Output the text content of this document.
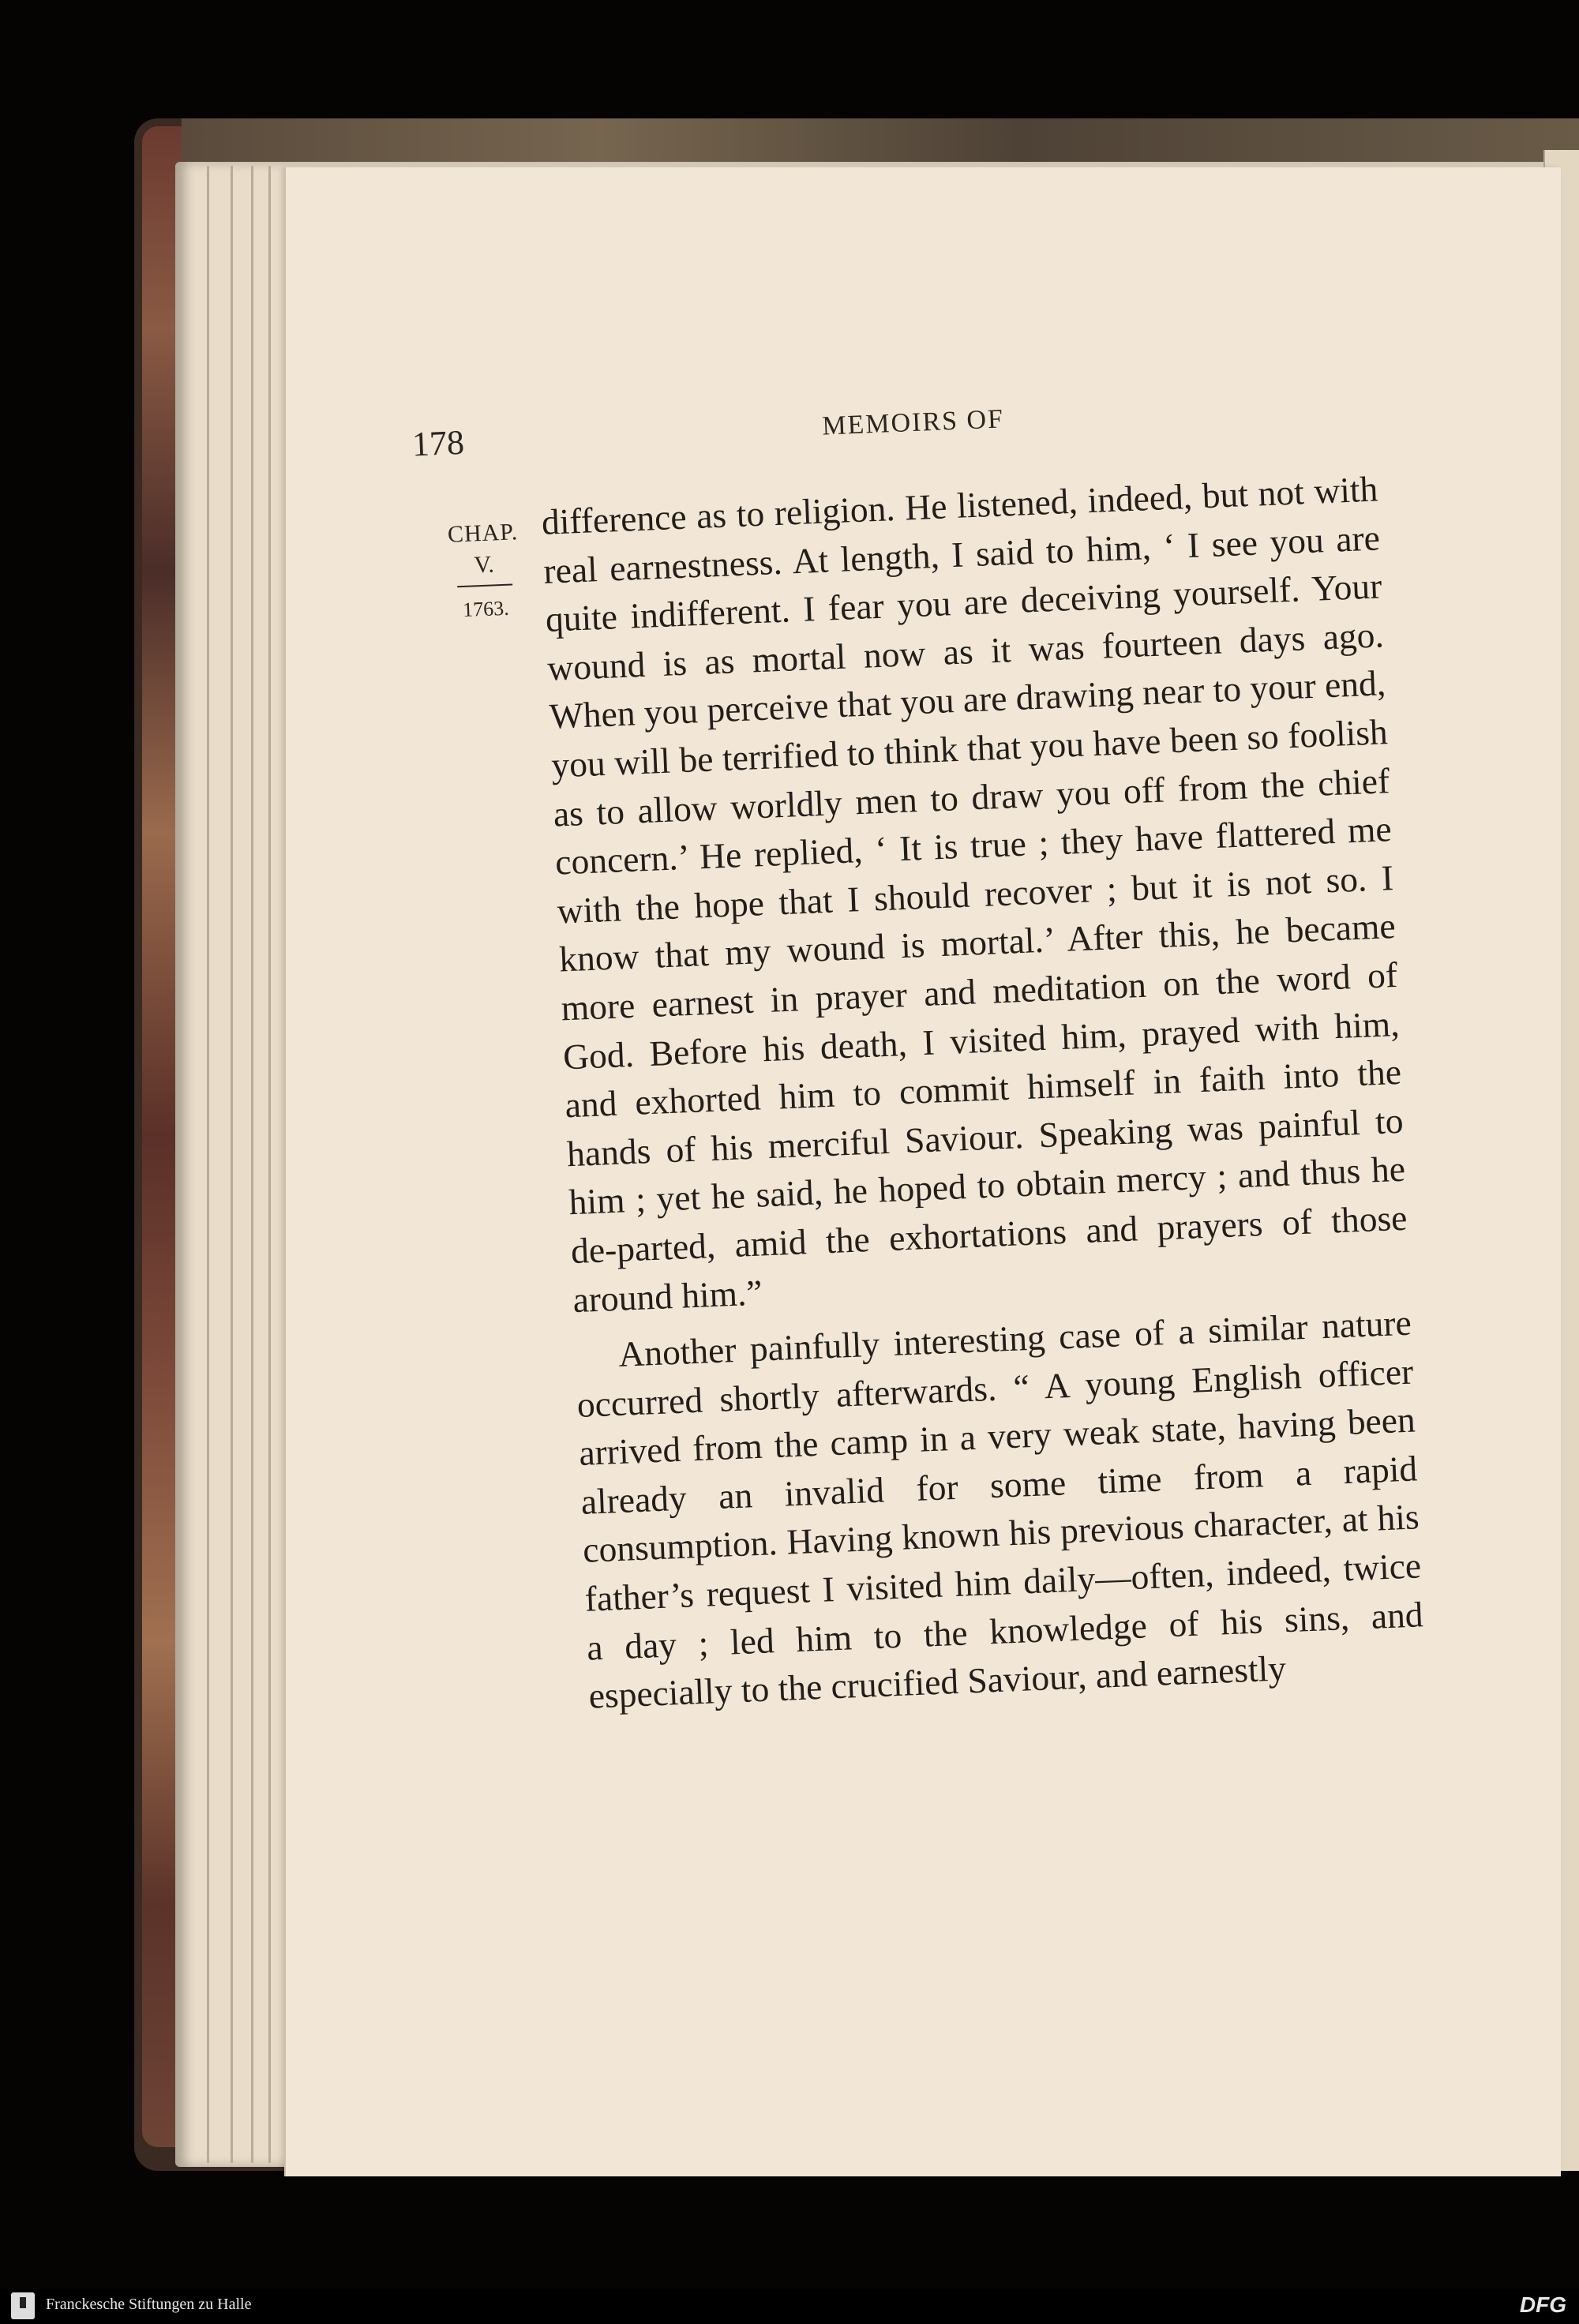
178
MEMOIRS OF
CHAP.
V.
1763.

difference as to religion. He listened, indeed, but not with real earnestness. At length, I said to him, ‘ I see you are quite indifferent. I fear you are deceiving yourself. Your wound is as mortal now as it was fourteen days ago. When you perceive that you are drawing near to your end, you will be terrified to think that you have been so foolish as to allow worldly men to draw you off from the chief concern.’ He replied, ‘ It is true ; they have flattered me with the hope that I should recover ; but it is not so. I know that my wound is mortal.’ After this, he became more earnest in prayer and meditation on the word of God. Before his death, I visited him, prayed with him, and exhorted him to commit himself in faith into the hands of his merciful Saviour. Speaking was painful to him ; yet he said, he hoped to obtain mercy ; and thus he de-parted, amid the exhortations and prayers of those around him.”

Another painfully interesting case of a similar nature occurred shortly afterwards. “ A young English officer arrived from the camp in a very weak state, having been already an invalid for some time from a rapid consumption. Having known his previous character, at his father’s request I visited him daily—often, indeed, twice a day ; led him to the knowledge of his sins, and especially to the crucified Saviour, and earnestly

Franckesche Stiftungen zu Halle	DFG
